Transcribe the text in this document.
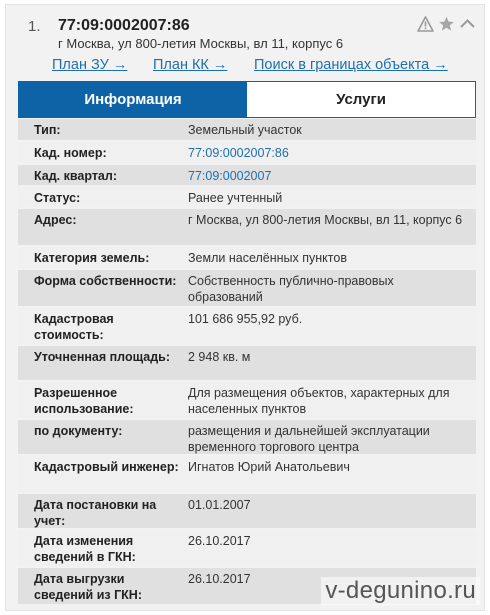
1. 77:09:0002007:86
г Москва, ул 800-летия Москвы, вл 11, корпус 6
План ЗУ → План КК → Поиск в границах объекта →
Информация	Услуги
Тип:	Земельный участок
Кад. номер:	77:09:0002007:86
Кад. квартал:	77:09:0002007
Статус:	Ранее учтенный
Адрес:	г Москва, ул 800-летия Москвы, вл 11, корпус 6
Категория земель:	Земли населённых пунктов
Форма собственности: Собственность публично-правовых образований
Кадастровая стоимость:
101 686 955,92 руб.
Уточненная площадь:	2 948 кв. м
Разрешенное использование:
Для размещения объектов, характерных для населенных пунктов
по документу:	размещения и дальнейшей эксплуатации временного торгового центра
Кадастровый инженер: Игнатов Юрий Анатольевич
Дата постановки на учет:
01.01.2007
Дата изменения сведений в ГКН:
26.10.2017
Дата выгрузки сведений из ГКН:
26.10.2017	v-degunino.ru
